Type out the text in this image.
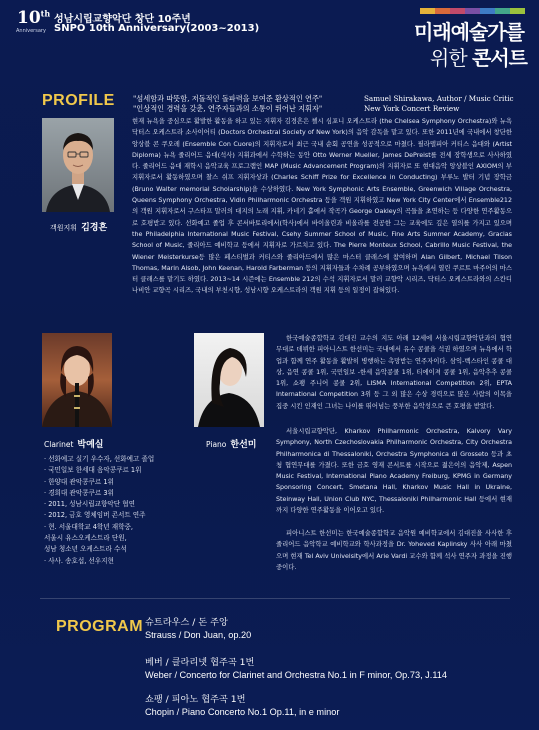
10th
Anniversary
성남시립교향악단 창단 10주년
SNPO 10th Anniversary(2003~2013)	미래예술가를
위한 콘서트
PROFILE	"섬세함과 따뜻함, 저돌적인 돌파력을 보여준 환상적인 연주"	Samuel Shirakawa, Author / Music Critic
"인상적인 경력을 갖춘, 연주자들과의 소통이 뛰어난 지휘자"	New York Concert Review
객원지휘 김경흔
현재 뉴욕을 중심으로 활발한 활동을 하고 있는 지휘자 김경흔은 첼시 심포니 오케스트라 (the Chelsea Symphony Orchestra)와 뉴욕 닥터스 오케스트라 소사이어티 (Doctors Orchestral Society of New York)의 음악 감독을 맡고 있다. 또한 2011년에 국내에서 창단한 앙상블 콘 쿠오레 (Ensemble Con Cuore)의 지휘자로서 최근 국내 순회 공연을 성공적으로 마쳤다. 필라델피아 커티스 음대와 (Artist Diploma) 뉴욕 줄리어드 음대(석사) 지휘과에서 수학하는 동안 Otto Werner Mueller, James DePreist를 전세 장학생으로 사사하였다. 줄리어드 음대 재학시 음악교육 프로그램인 MAP (Music Advancement Program)의 지휘자로 또 현대음악 앙상블인 AXIOM의 부지휘자로서 활동하였으며 찰스 쉬프 지휘자상과 (Charles Schiff Prize for Excellence in Conducting) 부루노 발터 기념 장학금 (Bruno Walter memorial Scholarship)을 수상하였다. New York Symphonic Arts Ensemble, Greenwich Village Orchestra, Queens Symphony Orchestra, Vidin Philharmonic Orchestra 등을 객원 지휘하였고 New York City Center에서 Ensemble212의 객원 지휘자로서 구스타프 말러의 대지의 노래 지휘, 카네기 홀에서 작곡가 George Oakley의 곡들을 초연하는 등 다양한 연주활동으로 호평받고 있다. 선화예고 졸업 후 콘서바토리에서(학사)에서 바이올린과 비올라를 전공한 그는 교육에도 깊은 열의를 가지고 있으며 the Philadelphia International Music Festival, Csehy Summer School of Music, Fine Arts Summer Academy, Gracias School of Music, 줄리아드 예비학교 등에서 지휘자로 가르치고 있다. The Pierre Monteux School, Cabrillo Music Festival, the Wiener Meisterkurse등 많은 페스티벌과 커티스와 줄리아드에서 많은 마스터 클래스에 참여하며 Alan Gilbert, Michael Tilson Thomas, Marin Alsob, John Keenan, Harold Farberman 등의 지휘자들과 수차례 공부하였으며 뉴욕에서 열린 쿠르트 마주어의 마스터 클래스를 맡기도 하였다. 2013~14 시즌에는 Ensemble 212의 수석 지휘자로서 말러 교향악 시리즈, 닥터스 오케스트라와의 스칸디나비안 교향곡 시리즈, 국내의 부천시향, 성남시향 오케스트라의 객원 지휘 등의 일정이 잡혀있다.
Clarinet 박예실
· 선화예고 실기 우수자, 선화예고 졸업
· 국민일보 한세대 음악콩쿠르 1위
· 한양대 관악콩쿠르 1위
· 경희대 관악콩쿠르 3위
· 2011, 성남시립교향악단 협연
· 2012, 금호 영체임버 콘서트 연주
· 현. 서울대학교 4학년 재학중,
서울시 유스오케스트라 단원,
성남 청소년 오케스트라 수석
· 사사. 송호섭, 선우지현
Piano 한선미
한국예술종합학교 김대진 교수의 지도 아래 12세에 서울시립교향악단과의 협연 무대로 데뷔한 피아니스트 한선미는 국내에서 유수 콩쿨을 석권 하였으며 뉴욕에서 학업과 함께 연주 활동을 활발히 병행하는 촉망받는 연주자이다. 삼익-벡스타인 콩쿨 대상, 음연 콩쿨 1위, 국민일보 -한세 음악콩쿨 1위, 티에이져 콩쿨 1위, 음악추추 콩쿨 1위, 쇼팽 주니어 콩쿨 2위, LISMA International Competition 2위, EPTA International Competition 3위 등 그 외 많은 수상 경력으로 많은 사람의 이목을 집중 시킨 인재인 그녀는 나이를 뛰어넘는 풍부한 음악성으로 큰 호평을 받았다.
서울시립교향악단, Kharkov Philharmonic Orchestra, Kalvory Vary Symphony, North Czechoslovakia Philharmonic Orchestra, City Orchestra Philharmonica di Thessaloniki, Orchestra Symphonica di Grosseto 등과 초청 협연무대를 가졌다. 또한 금호 영재 콘서트를 시작으로 젊은이의 음악제, Aspen Music Festival, International Piano Academy Freiburg, KPMG in Germany Sponsoring Concert, Smetana Hall, Kharkov Music Hall in Ukraine, Steinway Hall, Union Club NYC, Thessaloniki Philharmonic Hall 등에서 현재까지 다양한 연주활동을 이어오고 있다.
피아니스트 한선미는 한국예술종합학교 음악원 예비학교에서 김대진을 사사한 후 줄리어드 음악학교 예비학교와 학사과정을 Dr. Yoheved Kaplinsky 사사 아래 마쳤으며 현재 Tel Aviv Univelsity에서 Arie Vardi 교수와 함께 석사 연주자 과정을 진행중이다.
PROGRAM 슈트라우스 / 돈 주앙
Strauss / Don Juan, op.20
베버 / 클라리넷 협주곡 1번
Weber / Concerto for Clarinet and Orchestra No.1 in F minor, Op.73, J.114
쇼팽 / 피아노 협주곡 1번
Chopin / Piano Concerto No.1 Op.11, in e minor
